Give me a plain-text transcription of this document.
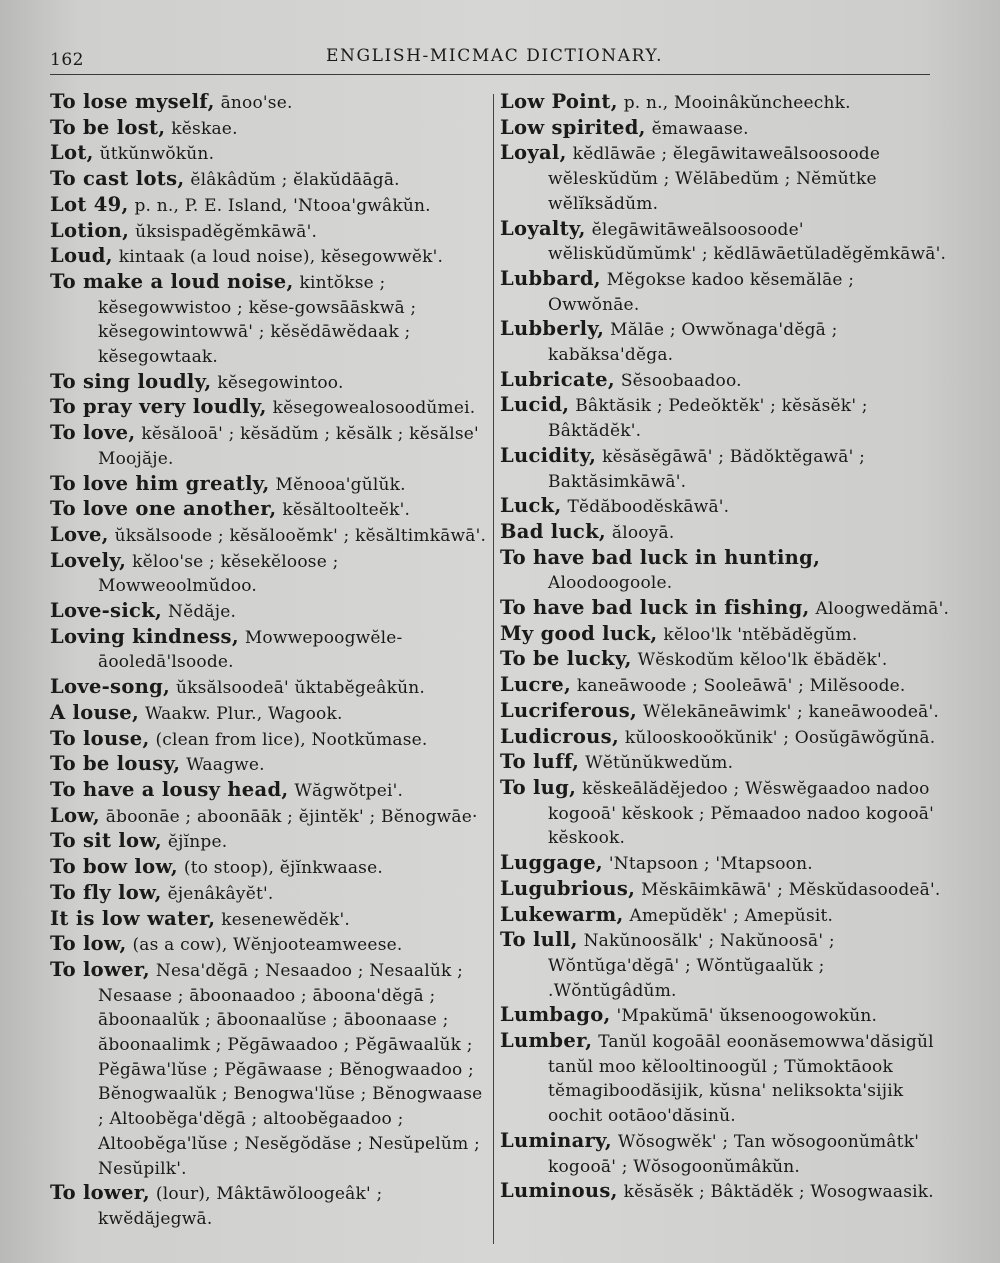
162	ENGLISH-MICMAC DICTIONARY.

To lose myself, ānoo'se.

To be lost, kĕskae.

Lot, ŭtkŭnwŏkŭn.

To cast lots, ĕlâkâdŭm ; ĕlakŭdāāgā.

Lot 49, p. n., P. E. Island, 'Ntooa'gwâkŭn.

Lotion, ŭksispadĕgĕmkāwā'.

Loud, kintaak (a loud noise), kĕsegowwĕk'.

To make a loud noise, kintŏkse ; kĕsegowwistoo ; kĕse-gowsāāskwā ; kĕsegowintowwā' ; kĕsĕdāwĕdaak ; kĕsegowtaak.

To sing loudly, kĕsegowintoo.

To pray very loudly, kĕsegowealosoodŭmei.

To love, kĕsălooā' ; kĕsădŭm ; kĕsălk ; kĕsălse' Moojăje.

To love him greatly, Mĕnooa'gŭlŭk.

To love one another, kĕsăltoolteĕk'.

Love, ŭksălsoode ; kĕsălooĕmk' ; kĕsăltimkāwā'.

Lovely, kĕloo'se ; kĕsekĕloose ; Mowweoolmŭdoo.

Love-sick, Nĕdăje.

Loving kindness, Mowwepoogwĕle-āooledā'lsoode.

Love-song, ŭksălsoodeā' ŭktabĕgeâkŭn.

A louse, Waakw. Plur., Wagook.

To louse, (clean from lice), Nootkŭmase.

To be lousy, Waagwe.

To have a lousy head, Wăgwŏtpei'.

Low, āboonāe ; aboonāāk ; ĕjintĕk' ; Bĕnogwāe·

To sit low, ĕjĭnpe.

To bow low, (to stoop), ĕjĭnkwaase.

To fly low, ĕjenâkâyĕt'.

It is low water, kesenewĕdĕk'.

To low, (as a cow), Wĕnjooteamweese.

To lower, Nesa'dĕgā ; Nesaadoo ; Nesaalŭk ; Nesaase ; āboonaadoo ; āboona'dĕgā ; āboonaalŭk ; āboonaalŭse ; āboonaase ; ăboonaalimk ; Pĕgāwaadoo ; Pĕgāwaalŭk ; Pĕgāwa'lŭse ; Pĕgāwaase ; Bĕnogwaadoo ; Bĕnogwaalŭk ; Benogwa'lŭse ; Bĕnogwaase ; Altoobĕga'dĕgā ; altoobĕgaadoo ; Altoobĕga'lŭse ; Nesĕgŏdăse ; Nesŭpelŭm ; Nesŭpilk'.

To lower, (lour), Mâktāwŏloogeâk' ; kwĕdăjegwā.

Low Point, p. n., Mooinâkŭncheechk.

Low spirited, ĕmawaase.

Loyal, kĕdlāwāe ; ĕlegāwitaweālsoosoode wĕleskŭdŭm ; Wĕlābedŭm ; Nĕmŭtke wĕlĭksădŭm.

Loyalty, ĕlegāwitāweālsoosoode' wĕliskŭdŭmŭmk' ; kĕdlāwāetŭladĕgĕmkāwā'.

Lubbard, Mĕgokse kadoo kĕsemălāe ; Owwŏnāe.

Lubberly, Mălāe ; Owwŏnaga'dĕgā ; kabăksa'dĕga.

Lubricate, Sĕsoobaadoo.

Lucid, Bâktăsik ; Pedeŏktĕk' ; kĕsăsĕk' ; Bâktădĕk'.

Lucidity, kĕsăsĕgāwā' ; Bădŏktĕgawā' ; Baktăsimkāwā'.

Luck, Tĕdăboodĕskāwā'.

Bad luck, ălooyā.

To have bad luck in hunting, Aloodoogoole.

To have bad luck in fishing, Aloogwedămā'.

My good luck, kĕloo'lk 'ntĕbădĕgŭm.

To be lucky, Wĕskodŭm kĕloo'lk ĕbădĕk'.

Lucre, kaneāwoode ; Sooleāwā' ; Milĕsoode.

Lucriferous, Wĕlekāneāwimk' ; kaneāwoodeā'.

Ludicrous, kŭlooskooŏkŭnik' ; Oosŭgāwŏgŭnā.

To luff, Wĕtŭnŭkwedŭm.

To lug, kĕskeālădĕjedoo ; Wĕswĕgaadoo nadoo kogooā' kĕskook ; Pĕmaadoo nadoo kogooā' kĕskook.

Luggage, 'Ntapsoon ; 'Mtapsoon.

Lugubrious, Mĕskāimkāwā' ; Mĕskŭdasoodeā'.

Lukewarm, Amepŭdĕk' ; Amepŭsit.

To lull, Nakŭnoosălk' ; Nakŭnoosā' ; Wŏntŭga'dĕgā' ; Wŏntŭgaalŭk ; .Wŏntŭgâdŭm.

Lumbago, 'Mpakŭmā' ŭksenoogowokŭn.

Lumber, Tanŭl kogoāāl eoonăsemowwa'dăsigŭl tanŭl moo kĕlooltinoogŭl ; Tŭmoktāook tĕmagiboodăsijik, kŭsna' neliksokta'sijik oochit ootāoo'dăsinŭ.

Luminary, Wŏsogwĕk' ; Tan wŏsogoonŭmâtk' kogooā' ; Wŏsogoonŭmâkŭn.

Luminous, kĕsăsĕk ; Bâktădĕk ; Wosogwaasik.
